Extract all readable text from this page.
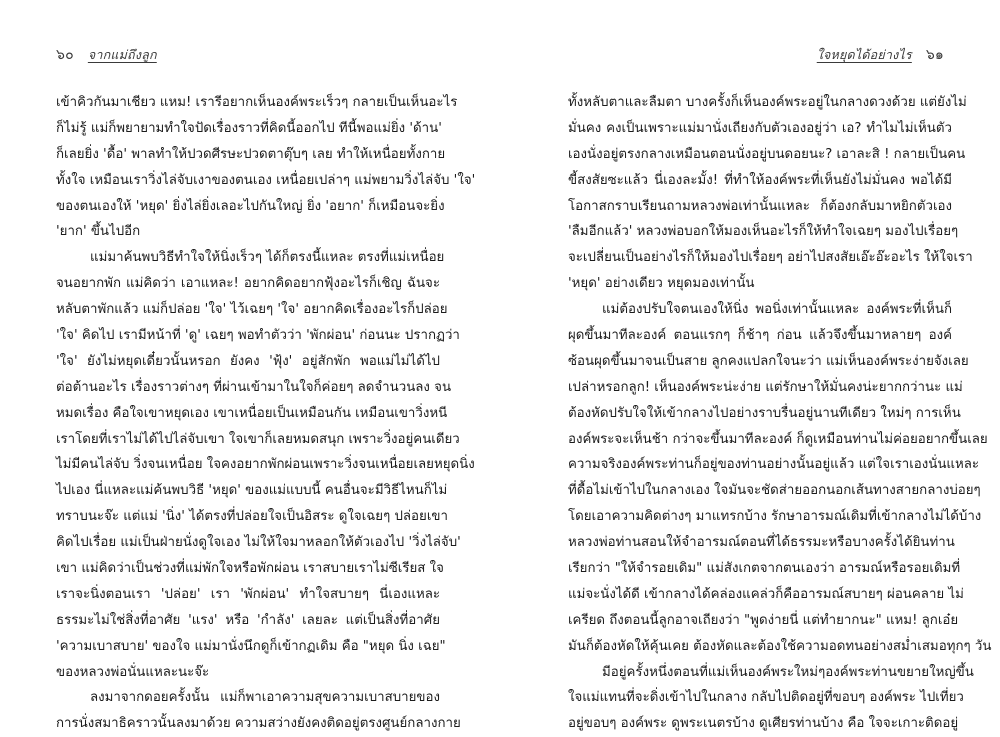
๖๐ จากแม่ถึงลูก
เข้าคิวกันมาเชียว แหม! เรารีอยากเห็นองค์พระเร็วๆ กลายเป็นเห็นอะไร
ก็ไม่รู้ แม่ก็พยายามทำใจปัดเรื่องราวที่คิดนี้ออกไป ทีนี้พอแม่ยิ่ง 'ด้าน'
ก็เลยยิ่ง 'ดื้อ' พาลทำให้ปวดศีรษะปวดตาตุ๊บๆ เลย ทำให้เหนื่อยทั้งกาย
ทั้งใจ เหมือนเราวิ่งไล่จับเงาของตนเอง เหนื่อยเปล่าๆ แม่พยามวิ่งไล่จับ 'ใจ'
ของตนเองให้ 'หยุด' ยิ่งไล่ยิ่งเลอะไปกันใหญ่ ยิ่ง 'อยาก' ก็เหมือนจะยิ่ง
'ยาก' ขึ้นไปอีก
แม่มาค้นพบวิธีทำใจให้นิ่งเร็วๆ ได้ก็ตรงนี้แหละ ตรงที่แม่เหนื่อย
จนอยากพัก แม่คิดว่า เอาแหละ! อยากคิดอยากฟุ้งอะไรก็เชิญ ฉันจะ
หลับตาพักแล้ว แม่ก็ปล่อย 'ใจ' ไว้เฉยๆ 'ใจ' อยากคิดเรื่องอะไรก็ปล่อย
'ใจ' คิดไป เรามีหน้าที่ 'ดู' เฉยๆ พอทำตัวว่า 'พักผ่อน' ก่อนนะ ปรากฏว่า
'ใจ' ยังไม่หยุดเดี๋ยวนั้นหรอก ยังคง 'ฟุ้ง' อยู่สักพัก พอแม่ไม่ได้ไป
ต่อต้านอะไร เรื่องราวต่างๆ ที่ผ่านเข้ามาในใจก็ค่อยๆ ลดจำนวนลง จน
หมดเรื่อง คือใจเขาหยุดเอง เขาเหนื่อยเป็นเหมือนกัน เหมือนเขาวิ่งหนี
เราโดยที่เราไม่ได้ไปไล่จับเขา ใจเขาก็เลยหมดสนุก เพราะวิ่งอยู่คนเดียว
ไม่มีคนไล่จับ วิ่งจนเหนื่อย ใจคงอยากพักผ่อนเพราะวิ่งจนเหนื่อยเลยหยุดนิ่ง
ไปเอง นี่แหละแม่ค้นพบวิธี 'หยุด' ของแม่แบบนี้ คนอื่นจะมีวิธีไหนก็ไม่
ทราบนะจ๊ะ แต่แม่ 'นิ่ง' ได้ตรงที่ปล่อยใจเป็นอิสระ ดูใจเฉยๆ ปล่อยเขา
คิดไปเรื่อย แม่เป็นฝ่ายนั่งดูใจเอง ไม่ให้ใจมาหลอกให้ตัวเองไป 'วิ่งไล่จับ'
เขา แม่คิดว่าเป็นช่วงที่แม่พักใจหรือพักผ่อน เราสบายเราไม่ซีเรียส ใจ
เราจะนิ่งตอนเรา 'ปล่อย' เรา 'พักผ่อน' ทำใจสบายๆ นี่เองแหละ
ธรรมะไม่ใช่สิ่งที่อาศัย 'แรง' หรือ 'กำลัง' เลยละ แต่เป็นสิ่งที่อาศัย
'ความเบาสบาย' ของใจ แม่มานั่งนึกดูก็เข้ากฏเดิม คือ "หยุด นิ่ง เฉย"
ของหลวงพ่อนั่นแหละนะจ๊ะ
ลงมาจากดอยครั้งนั้น แม่ก็พาเอาความสุขความเบาสบายของ
การนั่งสมาธิคราวนั้นลงมาด้วย ความสว่างยังคงติดอยู่ตรงศูนย์กลางกาย
ใจหยุดได้อย่างไร ๖๑
ทั้งหลับตาและลืมตา บางครั้งก็เห็นองค์พระอยู่ในกลางดวงด้วย แต่ยังไม่
มั่นคง คงเป็นเพราะแม่มานั่งเถียงกับตัวเองอยู่ว่า เอ? ทำไมไม่เห็นตัว
เองนั่งอยู่ตรงกลางเหมือนตอนนั่งอยู่บนดอยนะ? เอาละสิ ! กลายเป็นคน
ขี้สงสัยซะแล้ว นี่เองละมั้ง! ที่ทำให้องค์พระที่เห็นยังไม่มั่นคง พอได้มี
โอกาสกราบเรียนถามหลวงพ่อเท่านั้นแหละ ก็ต้องกลับมาหยิกตัวเอง
'ลืมอีกแล้ว' หลวงพ่อบอกให้มองเห็นอะไรก็ให้ทำใจเฉยๆ มองไปเรื่อยๆ
จะเปลี่ยนเป็นอย่างไรก็ให้มองไปเรื่อยๆ อย่าไปสงสัยเอ๊ะอ๊ะอะไร ให้ใจเรา
'หยุด' อย่างเดียว หยุดมองเท่านั้น
แม่ต้องปรับใจตนเองให้นิ่ง พอนิ่งเท่านั้นแหละ องค์พระที่เห็นก็
ผุดขึ้นมาทีละองค์ ตอนแรกๆ ก็ช้าๆ ก่อน แล้วจึงขึ้นมาหลายๆ องค์
ซ้อนผุดขึ้นมาจนเป็นสาย ลูกคงแปลกใจนะว่า แม่เห็นองค์พระง่ายจังเลย
เปล่าหรอกลูก! เห็นองค์พระน่ะง่าย แต่รักษาให้มั่นคงน่ะยากกว่านะ แม่
ต้องหัดปรับใจให้เข้ากลางไปอย่างราบรื่นอยู่นานทีเดียว ใหม่ๆ การเห็น
องค์พระจะเห็นช้า กว่าจะขึ้นมาทีละองค์ ก็ดูเหมือนท่านไม่ค่อยอยากขึ้นเลย
ความจริงองค์พระท่านก็อยู่ของท่านอย่างนั้นอยู่แล้ว แต่ใจเราเองนั่นแหละ
ที่ดื้อไม่เข้าไปในกลางเอง ใจมันจะชัดส่ายออกนอกเส้นทางสายกลางบ่อยๆ
โดยเอาความคิดต่างๆ มาแทรกบ้าง รักษาอารมณ์เดิมที่เข้ากลางไม่ได้บ้าง
หลวงพ่อท่านสอนให้จำอารมณ์ตอนที่ได้ธรรมะหรือบางครั้งได้ยินท่าน
เรียกว่า "ให้จำรอยเดิม" แม่สังเกตจากตนเองว่า อารมณ์หรือรอยเดิมที่
แม่จะนั่งได้ดี เข้ากลางได้คล่องแคล่วก็คืออารมณ์สบายๆ ผ่อนคลาย ไม่
เครียด ถึงตอนนี้ลูกอาจเถียงว่า "พูดง่ายนี่ แต่ทำยากนะ" แหม! ลูกเอ๋ย
มันก็ต้องหัดให้คุ้นเคย ต้องหัดและต้องใช้ความอดทนอย่างสม่ำเสมอทุกๆ วัน
มีอยู่ครั้งหนึ่งตอนที่แม่เห็นองค์พระใหม่ๆองค์พระท่านขยายใหญ่ขึ้น
ใจแม่แทนที่จะดิ่งเข้าไปในกลาง กลับไปติดอยู่ที่ขอบๆ องค์พระ ไปเที่ยว
อยู่ขอบๆ องค์พระ ดูพระเนตรบ้าง ดูเศียรท่านบ้าง คือ ใจจะเกาะติดอยู่
